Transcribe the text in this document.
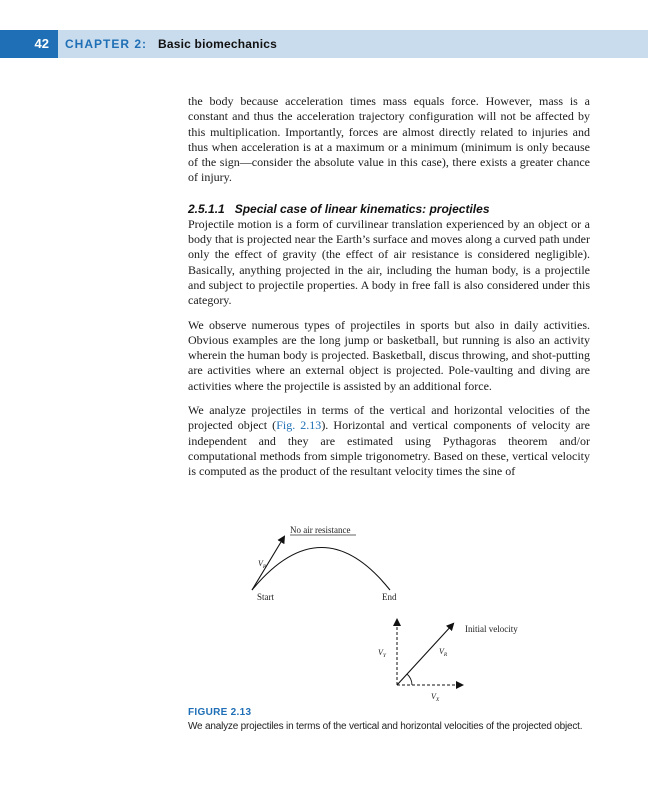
42	CHAPTER 2: Basic biomechanics

the body because acceleration times mass equals force. However, mass is a constant and thus the acceleration trajectory configuration will not be affected by this multiplication. Importantly, forces are almost directly related to injuries and thus when acceleration is at a maximum or a minimum (minimum is only because of the sign—consider the absolute value in this case), there exists a greater chance of injury.

2.5.1.1 Special case of linear kinematics: projectiles

Projectile motion is a form of curvilinear translation experienced by an object or a body that is projected near the Earth’s surface and moves along a curved path under only the effect of gravity (the effect of air resistance is considered negligible). Basically, anything projected in the air, including the human body, is a projectile and subject to projectile properties. A body in free fall is also considered under this category.

We observe numerous types of projectiles in sports but also in daily activities. Obvious examples are the long jump or basketball, but running is also an activity wherein the human body is projected. Basketball, discus throwing, and shot-putting are activities where an external object is projected. Pole-vaulting and diving are activities where the projectile is assisted by an additional force.

We analyze projectiles in terms of the vertical and horizontal velocities of the projected object (Fig. 2.13). Horizontal and vertical components of velocity are independent and they are estimated using Pythagoras theorem and/or computational methods from simple trigonometry. Based on these, vertical velocity is computed as the product of the resultant velocity times the sine of

No air resistance
$V_R$
Start	End
Initial velocity
$V_Y$	$V_R$
$V_X$
FIGURE 2.13
We analyze projectiles in terms of the vertical and horizontal velocities of the projected object.
